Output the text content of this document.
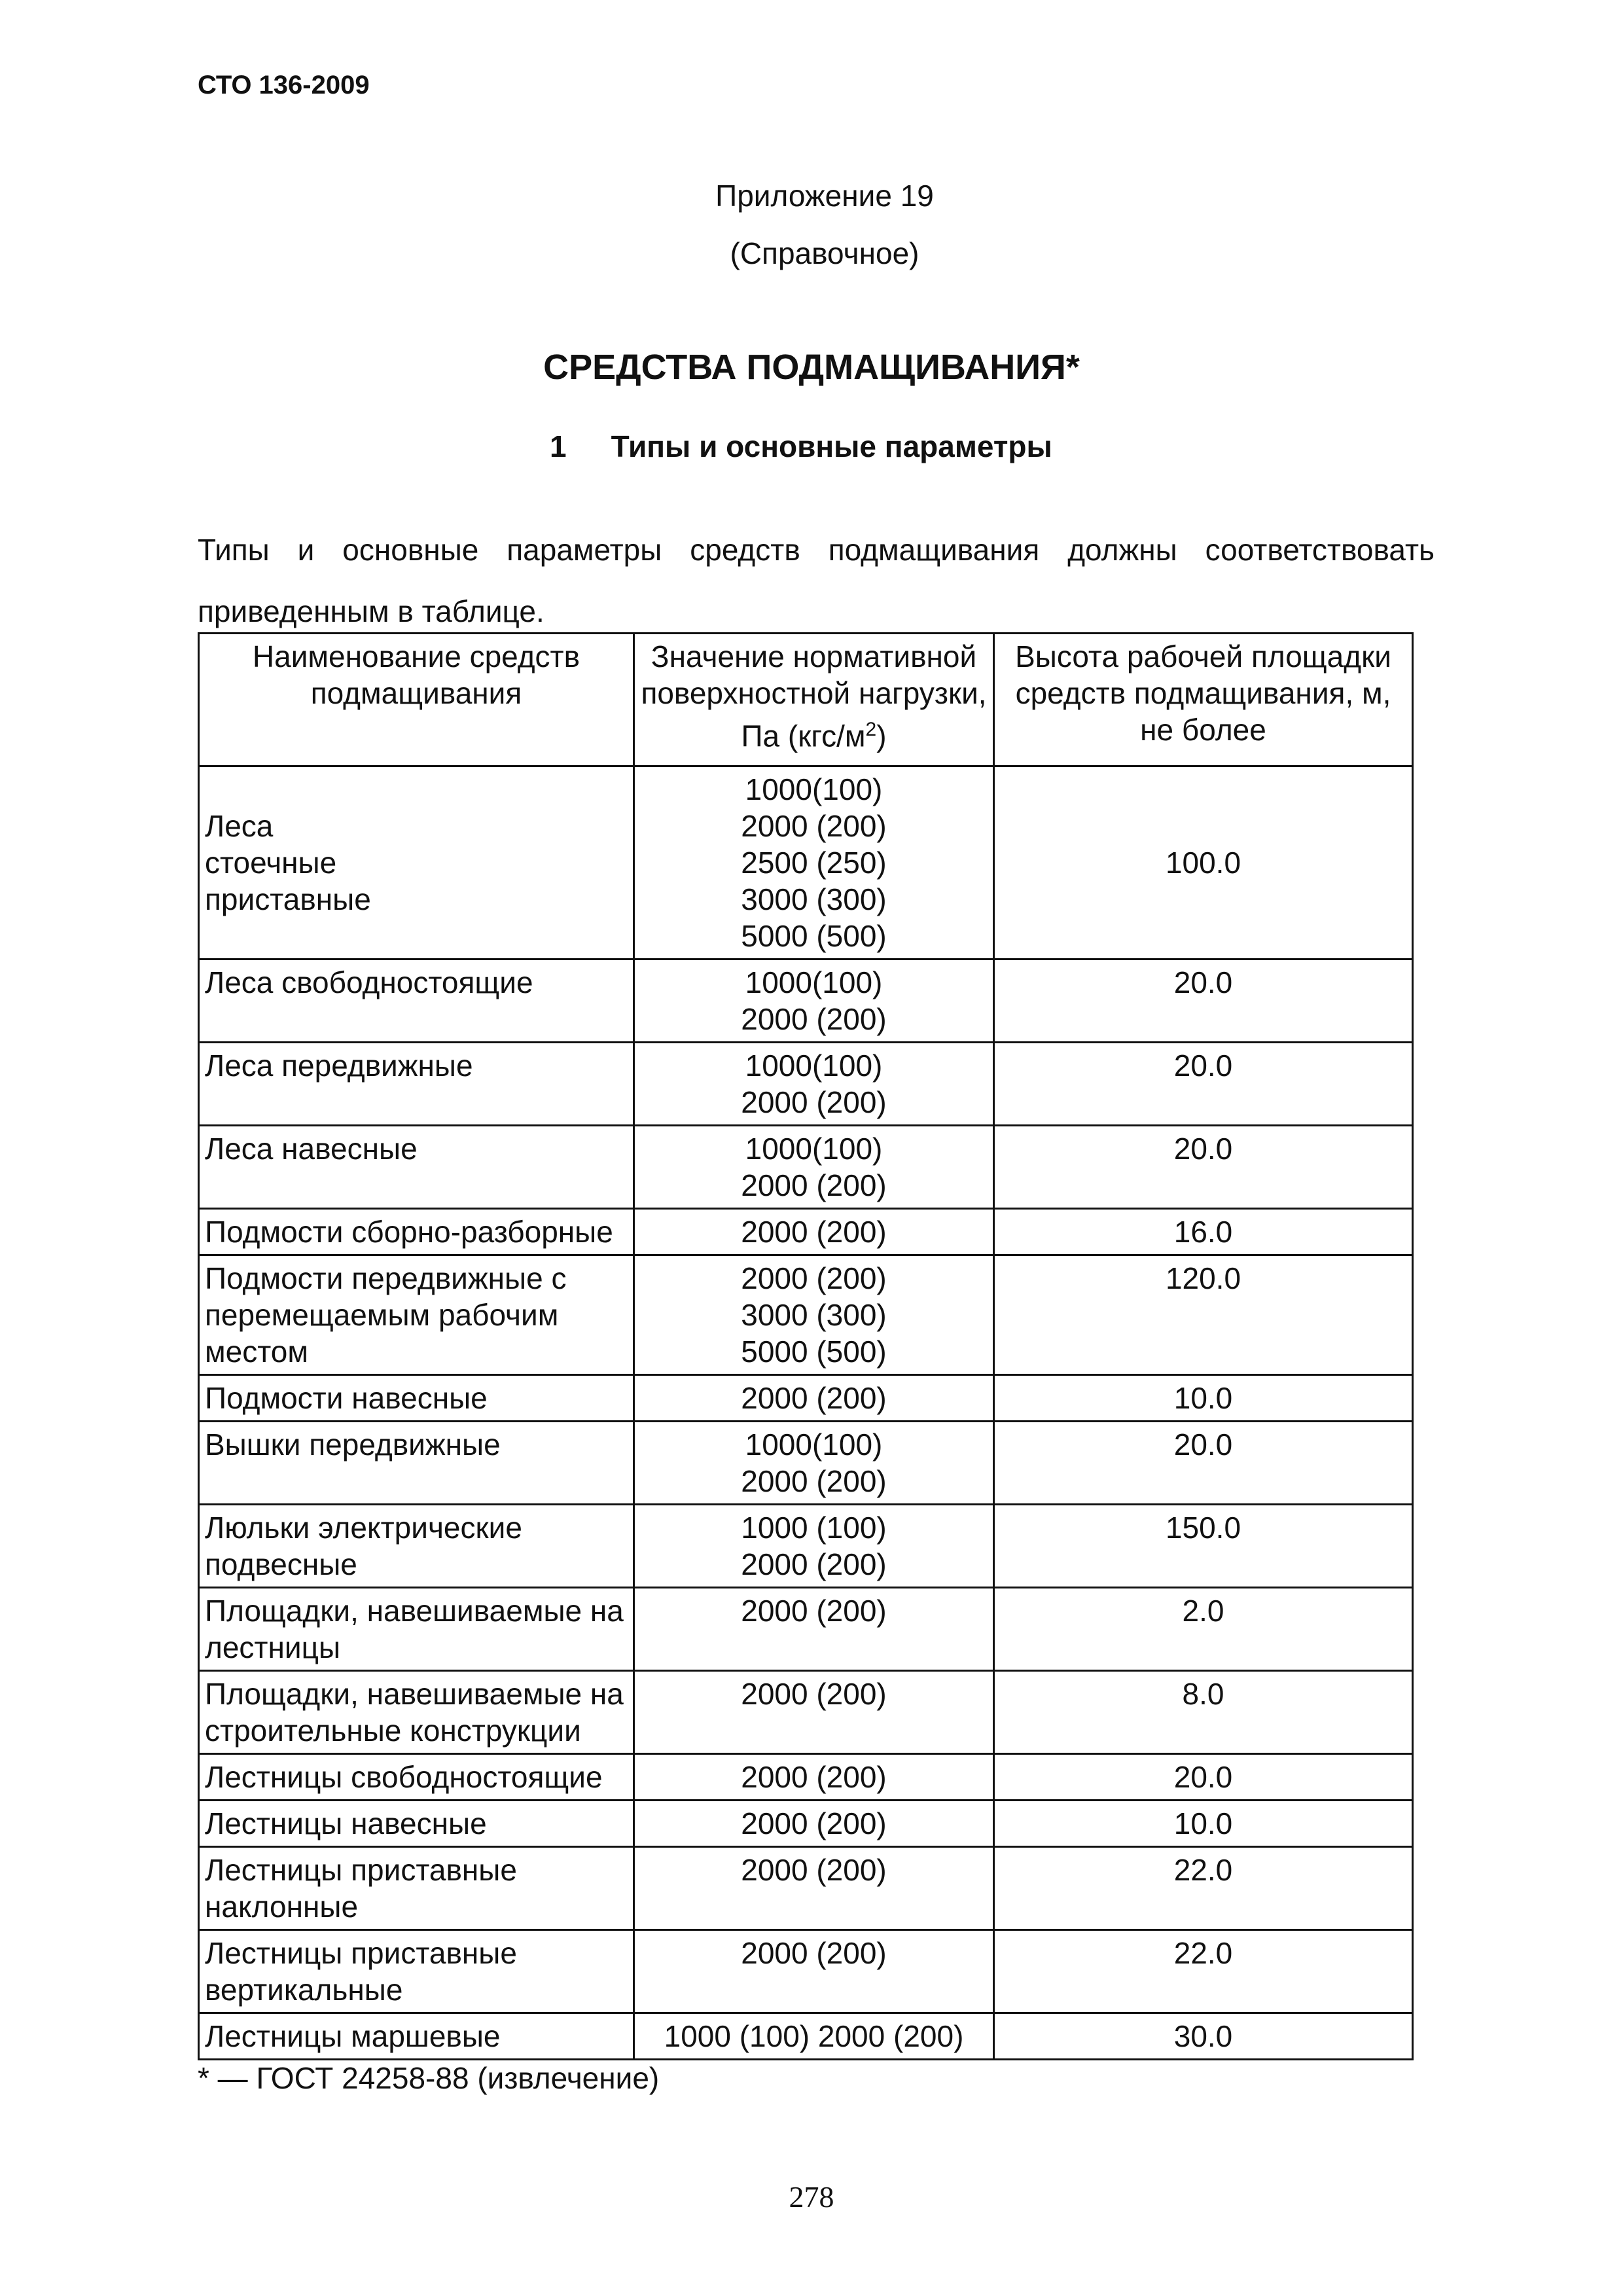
СТО 136-2009
Приложение 19
(Справочное)
СРЕДСТВА ПОДМАЩИВАНИЯ*
1 Типы и основные параметры
Типы и основные параметры средств подмащивания должны соответствовать приведенным в таблице.
Наименование средств подмащивания	Значение нормативной поверхностной нагрузки, Па $(кгс/м^2)$	Высота рабочей площадки средств подмащивания, м, не более
Леса
стоечные
приставные	1000(100)
2000 (200)
2500 (250)
3000 (300)
5000 (500)	100.0
Леса свободностоящие	1000(100)
2000 (200)	20.0
Леса передвижные	1000(100)
2000 (200)	20.0
Леса навесные	1000(100)
2000 (200)	20.0
Подмости сборно-разборные	2000 (200)	16.0
Подмости передвижные с перемещаемым рабочим местом	2000 (200)
3000 (300)
5000 (500)	120.0
Подмости навесные	2000 (200)	10.0
Вышки передвижные	1000(100)
2000 (200)	20.0
Люльки электрические подвесные	1000 (100)
2000 (200)	150.0
Площадки, навешиваемые на лестницы	2000 (200)	2.0
Площадки, навешиваемые на строительные конструкции	2000 (200)	8.0
Лестницы свободностоящие	2000 (200)	20.0
Лестницы навесные	2000 (200)	10.0
Лестницы приставные наклонные	2000 (200)	22.0
Лестницы приставные вертикальные	2000 (200)	22.0
Лестницы маршевые	1000 (100) 2000 (200)	30.0
* — ГОСТ 24258-88 (извлечение)
278
